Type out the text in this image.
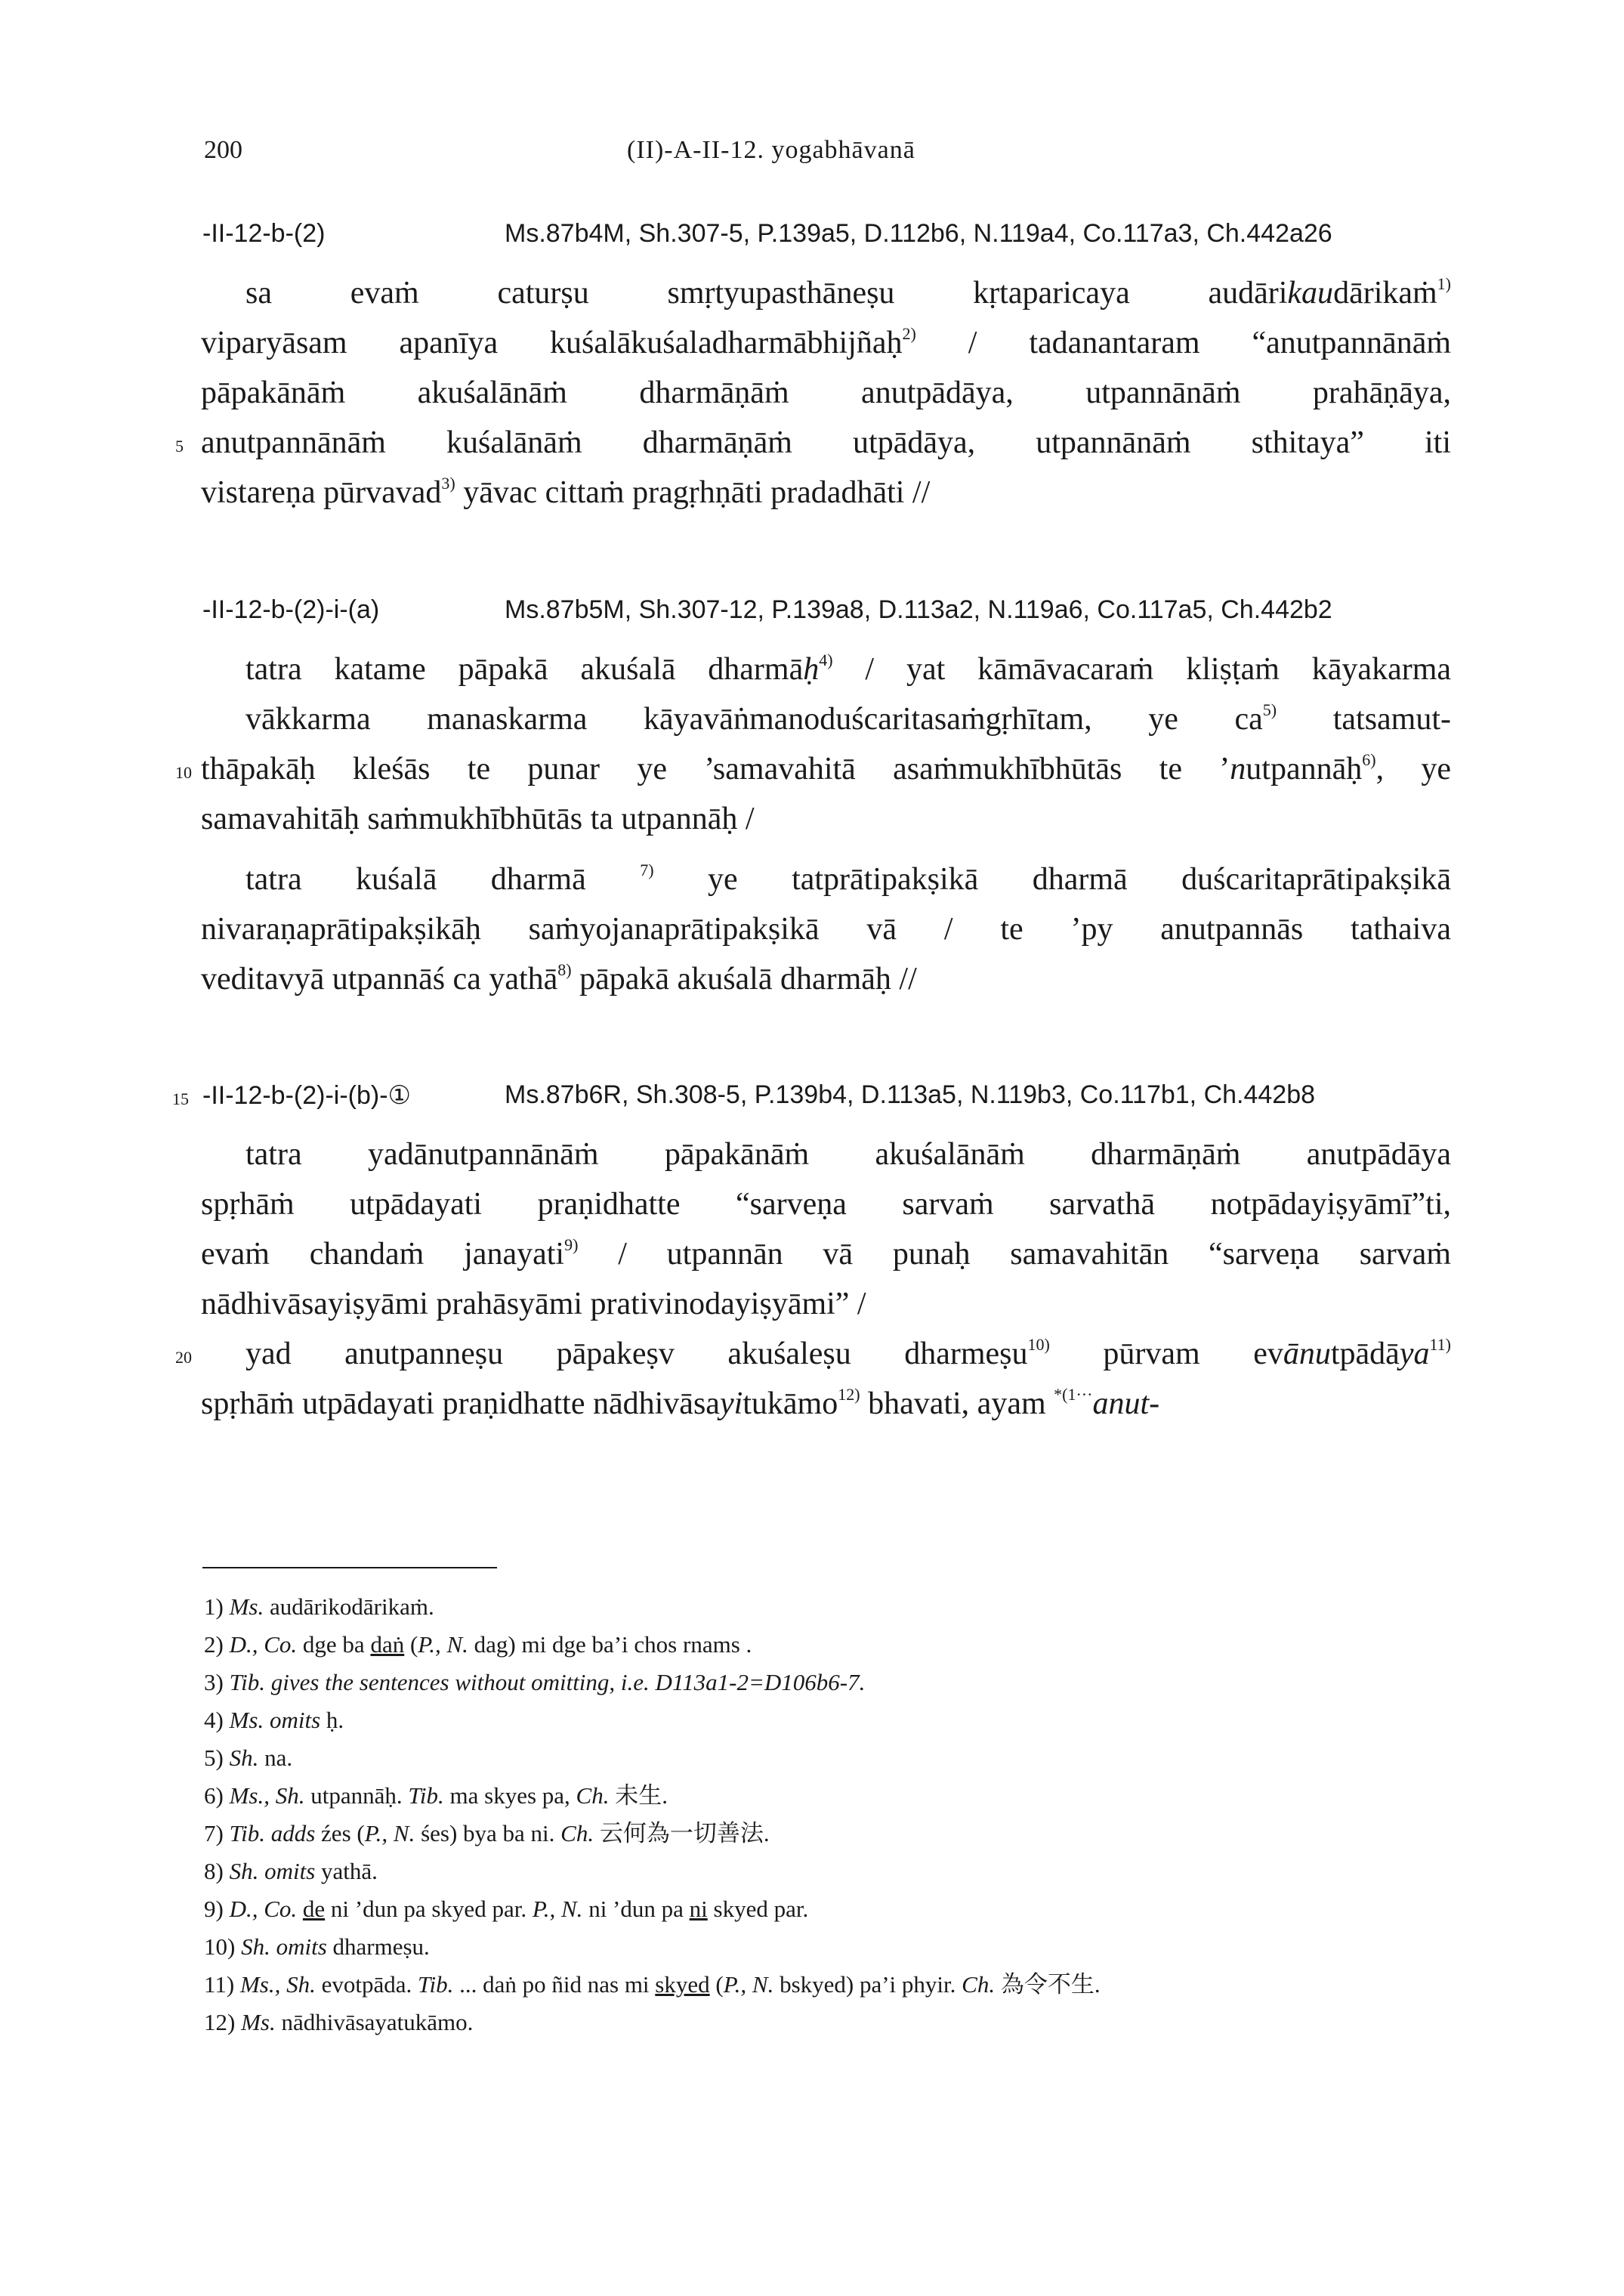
200	(II)-A-II-12. yogabhāvanā
-II-12-b-(2)	Ms.87b4M, Sh.307-5, P.139a5, D.112b6, N.119a4, Co.117a3, Ch.442a26
sa evaṁ caturṣu smṛtyupasthāneṣu kṛtaparicaya audārikaudārikaṁ$^{1)}$
viparyāsam apanīya kuśalākuśaladharmābhijñaḥ$^{2)}$ / tadanantaram “anutpannānāṁ
pāpakānāṁ akuśalānāṁ dharmāṇāṁ anutpādāya, utpannānāṁ prahāṇāya,
5 anutpannānāṁ kuśalānāṁ dharmāṇāṁ utpādāya, utpannānāṁ sthitaya” iti
vistareṇa pūrvavad$^{3)}$ yāvac cittaṁ pragṛhṇāti pradadhāti //
-II-12-b-(2)-i-(a)	Ms.87b5M, Sh.307-12, P.139a8, D.113a2, N.119a6, Co.117a5, Ch.442b2
tatra katame pāpakā akuśalā dharmāḥ$^{4)}$ / yat kāmāvacaraṁ kliṣṭaṁ kāyakarma
vākkarma manaskarma kāyavāṅmanoduścaritasaṁgṛhītam, ye $ca^{5)}$ tatsamut-
10 thāpakāḥ kleśās te punar ye ’samavahitā asaṁmukhībhūtās te ’nutpannāḥ$^{6)}$, ye
samavahitāḥ saṁmukhībhūtās ta utpannāḥ /
tatra kuśalā dharmā $^{7)}$ ye tatprātipakṣikā dharmā duścaritaprātipakṣikā
nivaraṇaprātipakṣikāḥ saṁyojanaprātipakṣikā vā / te ’py anutpannās tathaiva
veditavyā utpannāś ca yathā$^{8)}$ pāpakā akuśalā dharmāḥ //
15 -II-12-b-(2)-i-(b)-①	Ms.87b6R, Sh.308-5, P.139b4, D.113a5, N.119b3, Co.117b1, Ch.442b8
tatra yadānutpannānāṁ pāpakānāṁ akuśalānāṁ dharmāṇāṁ anutpādāya
spṛhāṁ utpādayati praṇidhatte “sarveṇa sarvaṁ sarvathā notpādayiṣyāmī”ti,
evaṁ chandaṁ janayati$^{9)}$ / utpannān vā punaḥ samavahitān “sarveṇa sarvaṁ
nādhivāsayiṣyāmi prahāsyāmi prativinodayiṣyāmi” /
20 yad anutpanneṣu pāpakeṣv akuśaleṣu dharmeṣu$^{10)}$ pūrvam evānutpādāya$^{11)}$
spṛhāṁ utpādayati praṇidhatte nādhivāsayitukāmo$^{12)}$ bhavati, ayam $^{*(1\cdot\cdot\cdot}$anut-
1) Ms. audārikodārikaṁ.
2) D., Co. dge ba daṅ (P., N. dag) mi dge ba’i chos rnams .
3) Tib. gives the sentences without omitting, i.e. D113a1-2=D106b6-7.
4) Ms. omits ḥ.
5) Sh. na.
6) Ms., Sh. utpannāḥ. Tib. ma skyes pa, Ch. 未生.
7) Tib. adds źes (P., N. śes) bya ba ni. Ch. 云何為一切善法.
8) Sh. omits yathā.
9) D., Co. de ni ’dun pa skyed par. P., N. ni ’dun pa ni skyed par.
10) Sh. omits dharmeṣu.
11) Ms., Sh. evotpāda. Tib. ... daṅ po ñid nas mi skyed (P., N. bskyed) pa’i phyir. Ch. 為令不生.
12) Ms. nādhivāsayatukāmo.
